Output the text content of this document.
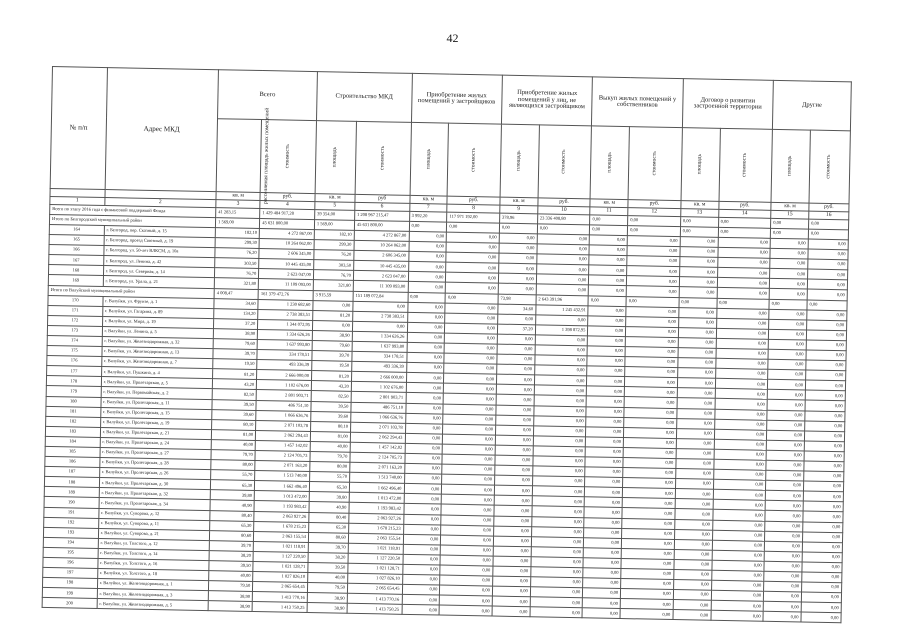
42
№ п/п	Адрес МКД	Всего		Строительство МКД		Приобретение жилых помещений у застройщиков		Приобретение жилых помещений у лиц, не являющихся застройщиком		Выкуп жилых помещений у собственников		Договор о развитии застроенной территории		Другие	
		расселяемая площадь жилых помещений	стоимость	площадь	стоимость	площадь	стоимость	площадь	стоимость	площадь	стоимость	площадь	стоимость	площадь	стоимость
		кв. м	руб.	кв. м	руб	кв. м	руб.	кв. м	руб.	кв. м	руб.	кв. м	руб.	кв. м	руб.
1	2	3	4	5	6	7	8	9	10	11	12	13	14	15	16
Всего по этапу 2016 года с финансовой поддержкой Фонда		41 283,15	1 429 484 917,28	39 354,00	1 208 967 215,47	3 992,20	117 971 192,00	378,96	23 336 408,80	0,00	0,00	0,00	0,00	0,00	0,00
Итого по Белгородский муниципальный район		1 569,00	45 631 800,00	1 569,00	45 631 800,00	0,00	0,00	0,00	0,00	0,00	0,00	0,00	0,00	0,00	0,00
164	г. Белгород, пер. Сказный, д. 15	182,10	4 272 867,00	182,10	4 272 867,00	0,00	0,00	0,00	0,00	0,00	0,00	0,00	0,00	0,00	0,00
165	г. Белгород, проезд Союзный, д. 19	299,30	10 264 062,00	299,30	10 264 062,00	0,00	0,00	0,00	0,00	0,00	0,00	0,00	0,00	0,00	0,00
166	г. Белгород, ул. 50-лет ВЛКСМ, д. 10а	76,20	2 606 345,00	76,20	2 606 345,00	0,00	0,00	0,00	0,00	0,00	0,00	0,00	0,00	0,00	0,00
167	г. Белгород, ул. Ленина, д. 42	303,50	10 445 435,00	303,50	10 445 435,00	0,00	0,00	0,00	0,00	0,00	0,00	0,00	0,00	0,00	0,00
168	г. Белгород, ул. Северная, д. 14	76,70	2 623 047,00	76,70	2 623 047,00	0,00	0,00	0,00	0,00	0,00	0,00	0,00	0,00	0,00	0,00
169	г. Белгород, ул. Урала, д. 21	321,80	11 109 093,00	321,80	11 109 093,00	0,00	0,00	0,00	0,00	0,00	0,00	0,00	0,00	0,00	0,00
Итого по Валуйский муниципальный район		4 008,47	161 379 472,76	3 915,59	151 189 072,84	0,00	0,00	73,98	2 643 391,96	0,00	0,00	0,00	0,00	0,00	0,00
170	г. Валуйки, ул. Фрунзе, д. 1	34,60	1 230 682,60	0,00	0,00	0,00	0,00	34,60	1 245 432,91	0,00	0,00	0,00	0,00	0,00	0,00
171	г. Валуйки, ул. Гагарина, д. 89	134,20	2 738 383,51	81,20	2 738 383,51	0,00	0,00	0,00	0,00	0,00	0,00	0,00	0,00	0,00	0,00
172	г. Валуйки, ул. Мира, д. 19	37,20	1 344 072,95	0,00	0,00	0,00	0,00	37,20	1 398 872,95	0,00	0,00	0,00	0,00	0,00	0,00
173	г. Валуйки, ул. Ленина, д. 5	38,90	1 334 626,26	38,90	1 334 626,26	0,00	0,00	0,00	0,00	0,00	0,00	0,00	0,00	0,00	0,00
174	г. Валуйки, ул. Железнодорожная, д. 32	79,60	1 637 993,80	79,60	1 637 993,80	0,00	0,00	0,00	0,00	0,00	0,00	0,00	0,00	0,00	0,00
175	г. Валуйки, ул. Железнодорожная, д. 13	39,70	334 178,51	39,70	334 178,51	0,00	0,00	0,00	0,00	0,00	0,00	0,00	0,00	0,00	0,00
176	г. Валуйки, ул. Железнодорожная, д. 7	19,50	493 336,39	19,50	493 336,39	0,00	0,00	0,00	0,00	0,00	0,00	0,00	0,00	0,00	0,00
177	г. Валуйки, ул. Пушкина, д. 4	81,20	2 666 000,00	81,20	2 666 000,00	0,00	0,00	0,00	0,00	0,00	0,00	0,00	0,00	0,00	0,00
178	г. Валуйки, ул. Пролетарская, д. 5	43,20	1 102 676,00	43,20	1 102 676,00	0,00	0,00	0,00	0,00	0,00	0,00	0,00	0,00	0,00	0,00
179	г. Валуйки, ул. Первомайская, д. 2	82,50	2 801 903,71	82,50	2 801 903,71	0,00	0,00	0,00	0,00	0,00	0,00	0,00	0,00	0,00	0,00
180	г. Валуйки, ул. Пролетарская, д. 11	39,50	486 751,10	39,50	486 751,10	0,00	0,00	0,00	0,00	0,00	0,00	0,00	0,00	0,00	0,00
181	г. Валуйки, ул. Пролетарская, д. 15	39,60	1 066 636,76	39,60	1 066 636,76	0,00	0,00	0,00	0,00	0,00	0,00	0,00	0,00	0,00	0,00
182	г. Валуйки, ул. Пролетарская, д. 19	80,10	2 071 103,78	80,10	2 071 103,78	0,00	0,00	0,00	0,00	0,00	0,00	0,00	0,00	0,00	0,00
183	г. Валуйки, ул. Пролетарская, д. 21	81,00	2 062 294,43	81,00	2 062 294,43	0,00	0,00	0,00	0,00	0,00	0,00	0,00	0,00	0,00	0,00
184	г. Валуйки, ул. Пролетарская, д. 24	40,00	1 457 142,02	40,00	1 457 142,02	0,00	0,00	0,00	0,00	0,00	0,00	0,00	0,00	0,00	0,00
185	г. Валуйки, ул. Пролетарская, д. 27	79,70	2 124 705,73	79,70	2 124 705,73	0,00	0,00	0,00	0,00	0,00	0,00	0,00	0,00	0,00	0,00
186	г. Валуйки, ул. Пролетарская, д. 28	80,00	2 071 163,20	80,00	2 071 163,20	0,00	0,00	0,00	0,00	0,00	0,00	0,00	0,00	0,00	0,00
187	г. Валуйки, ул. Пролетарская, д. 26	55,70	1 513 740,00	55,70	1 513 740,00	0,00	0,00	0,00	0,00	0,00	0,00	0,00	0,00	0,00	0,00
188	г. Валуйки, ул. Пролетарская, д. 30	65,30	1 662 496,40	65,30	1 662 496,40	0,00	0,00	0,00	0,00	0,00	0,00	0,00	0,00	0,00	0,00
189	г. Валуйки, ул. Пролетарская, д. 32	39,80	1 013 472,00	39,80	1 013 472,00	0,00	0,00	0,00	0,00	0,00	0,00	0,00	0,00	0,00	0,00
190	г. Валуйки, ул. Пролетарская, д. 34	40,90	1 193 983,42	40,90	1 193 983,42	0,00	0,00	0,00	0,00	0,00	0,00	0,00	0,00	0,00	0,00
191	г. Валуйки, ул. Суворова, д. 12	80,40	2 063 927,26	80,40	2 063 927,26	0,00	0,00	0,00	0,00	0,00	0,00	0,00	0,00	0,00	0,00
192	г. Валуйки, ул. Суворова, д. 11	65,30	1 678 215,23	65,30	1 678 215,23	0,00	0,00	0,00	0,00	0,00	0,00	0,00	0,00	0,00	0,00
193	г. Валуйки, ул. Суворова, д. 21	80,60	2 063 155,54	80,60	2 063 155,54	0,00	0,00	0,00	0,00	0,00	0,00	0,00	0,00	0,00	0,00
194	г. Валуйки, ул. Толстого, д. 12	39,70	1 021 118,91	39,70	1 021 118,91	0,00	0,00	0,00	0,00	0,00	0,00	0,00	0,00	0,00	0,00
195	г. Валуйки, ул. Толстого, д. 14	38,20	1 127 220,50	38,20	1 127 220,50	0,00	0,00	0,00	0,00	0,00	0,00	0,00	0,00	0,00	0,00
196	г. Валуйки, ул. Толстого, д. 16	39,50	1 021 128,71	39,50	1 021 128,71	0,00	0,00	0,00	0,00	0,00	0,00	0,00	0,00	0,00	0,00
197	г. Валуйки, ул. Толстого, д. 18	40,00	1 027 826,10	40,00	1 027 826,10	0,00	0,00	0,00	0,00	0,00	0,00	0,00	0,00	0,00	0,00
198	г. Валуйки, ул. Железнодорожная, д. 1	79,50	2 065 654,45	79,50	2 065 654,45	0,00	0,00	0,00	0,00	0,00	0,00	0,00	0,00	0,00	0,00
199	г. Валуйки, ул. Железнодорожная, д. 3	38,90	1 413 770,16	38,90	1 413 770,16	0,00	0,00	0,00	0,00	0,00	0,00	0,00	0,00	0,00	0,00
200	г. Валуйки, ул. Железнодорожная, д. 5	38,90	1 413 750,25	38,90	1 413 750,25	0,00	0,00	0,00	0,00	0,00	0,00	0,00	0,00	0,00	0,00
